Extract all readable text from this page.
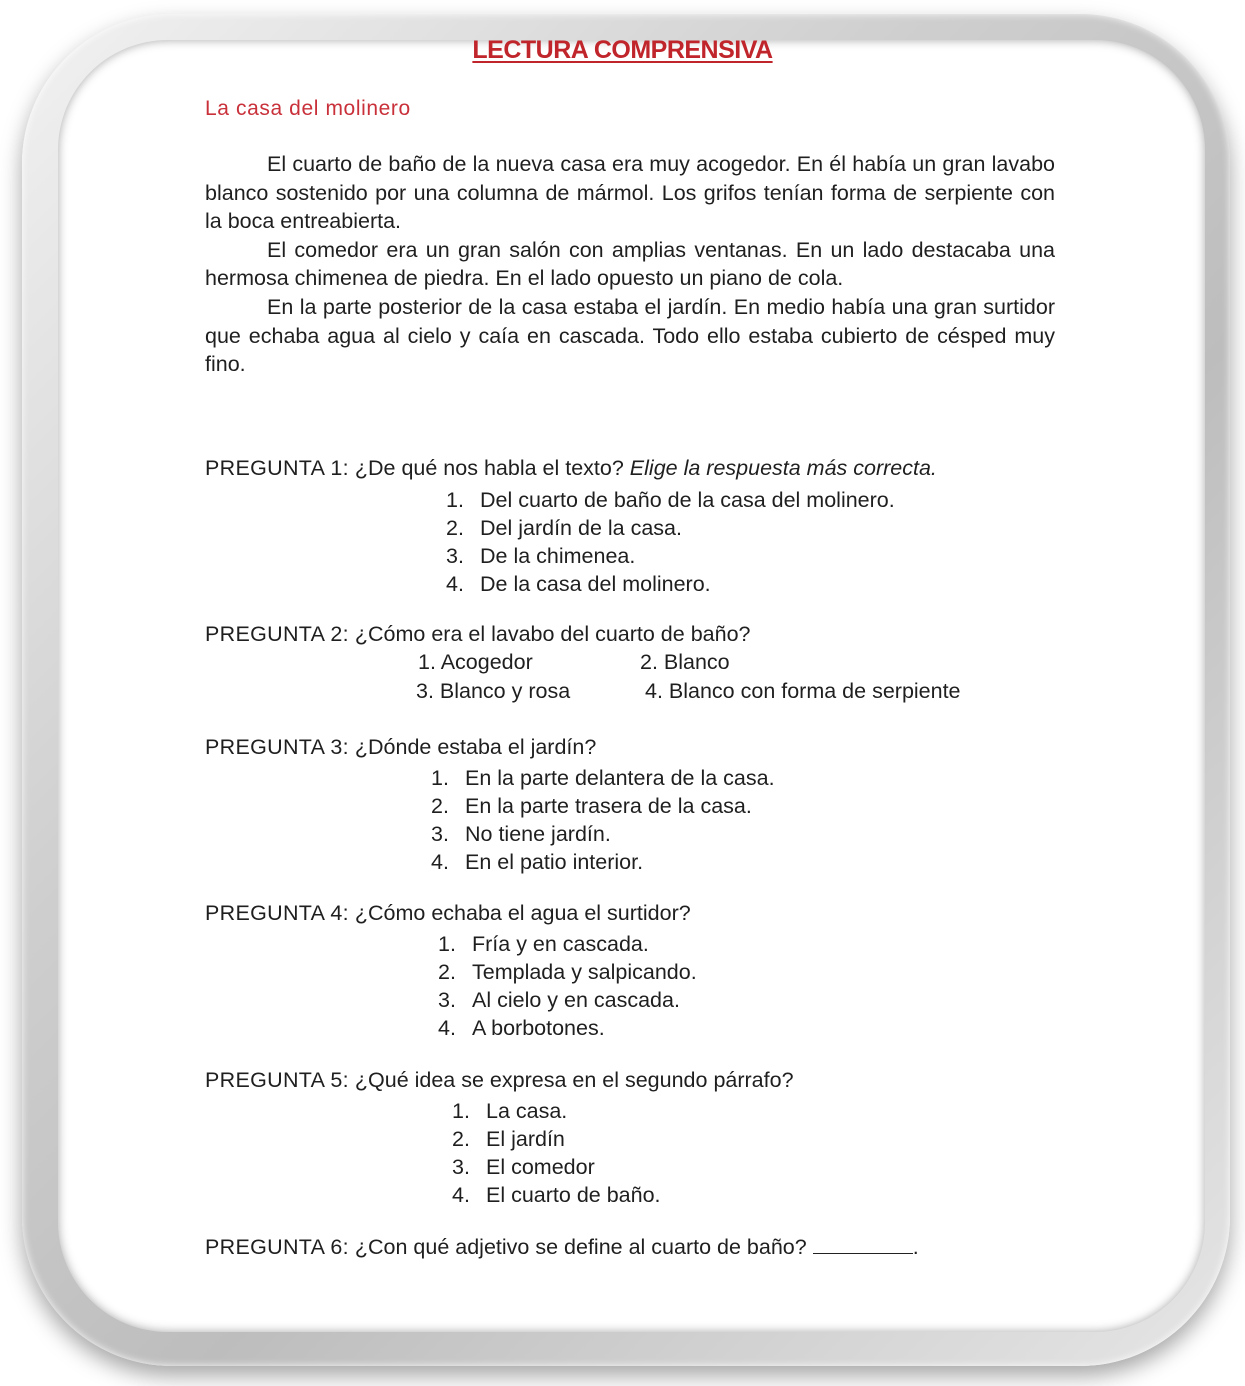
LECTURA COMPRENSIVA
La casa del molinero

El cuarto de baño de la nueva casa era muy acogedor. En él había un gran lavabo blanco sostenido por una columna de mármol. Los grifos tenían forma de serpiente con la boca entreabierta.

El comedor era un gran salón con amplias ventanas. En un lado destacaba una hermosa chimenea de piedra. En el lado opuesto un piano de cola.

En la parte posterior de la casa estaba el jardín. En medio había una gran surtidor que echaba agua al cielo y caía en cascada. Todo ello estaba cubierto de césped muy fino.

PREGUNTA 1: ¿De qué nos habla el texto? Elige la respuesta más correcta.
1. Del cuarto de baño de la casa del molinero.
2. Del jardín de la casa.
3. De la chimenea.
4. De la casa del molinero.
PREGUNTA 2: ¿Cómo era el lavabo del cuarto de baño?
1. Acogedor	2. Blanco
3. Blanco y rosa	4. Blanco con forma de serpiente
PREGUNTA 3: ¿Dónde estaba el jardín?
1. En la parte delantera de la casa.
2. En la parte trasera de la casa.
3. No tiene jardín.
4. En el patio interior.
PREGUNTA 4: ¿Cómo echaba el agua el surtidor?
1. Fría y en cascada.
2. Templada y salpicando.
3. Al cielo y en cascada.
4. A borbotones.
PREGUNTA 5: ¿Qué idea se expresa en el segundo párrafo?
1. La casa.
2. El jardín
3. El comedor
4. El cuarto de baño.
PREGUNTA 6: ¿Con qué adjetivo se define al cuarto de baño?	.
